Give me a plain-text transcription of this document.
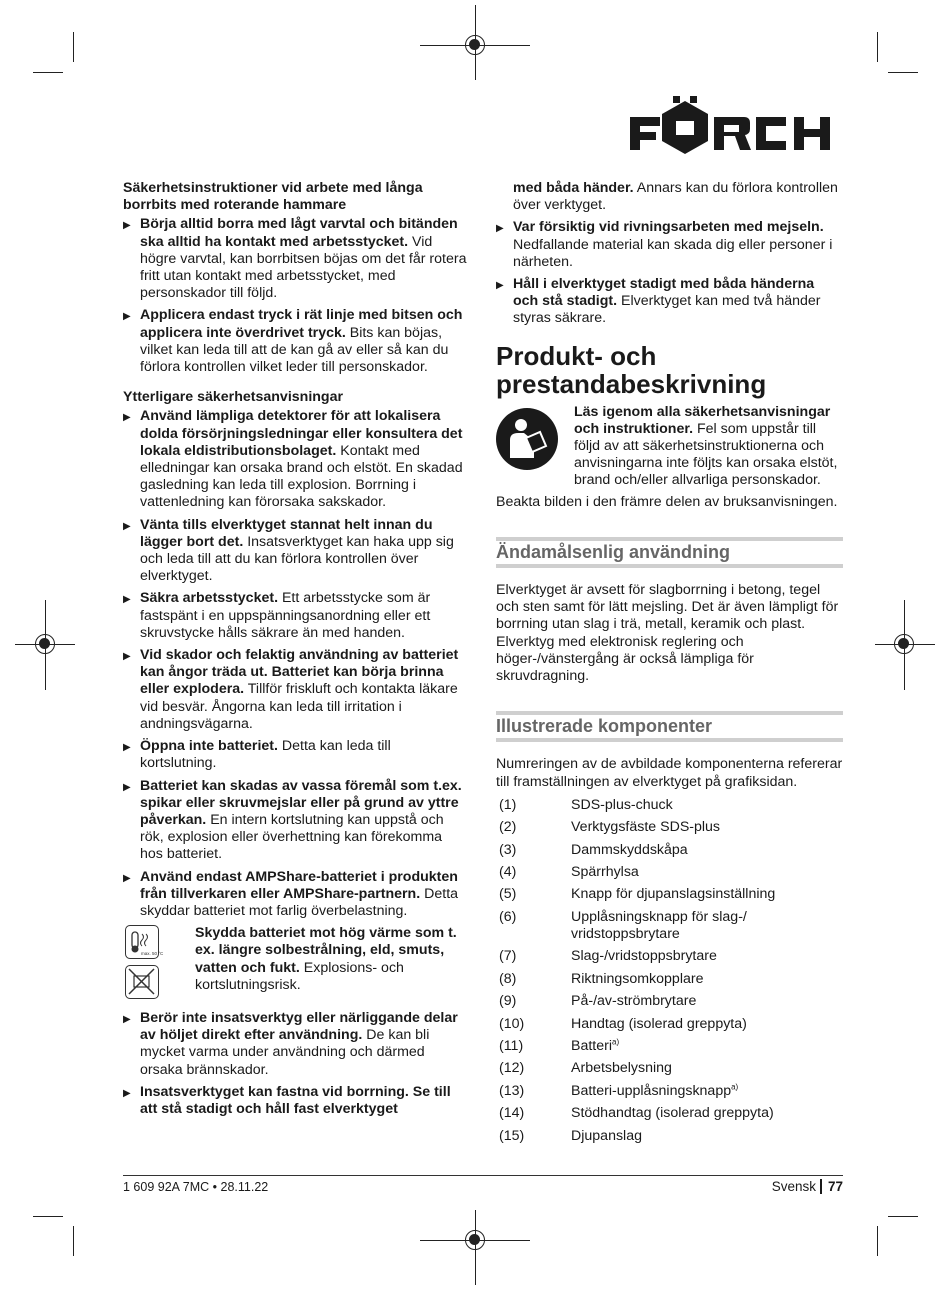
Säkerhetsinstruktioner vid arbete med långa borrbits med roterande hammare
▶ Börja alltid borra med lågt varvtal och bitänden ska alltid ha kontakt med arbetsstycket. Vid högre varvtal, kan borrbitsen böjas om det får rotera fritt utan kontakt med arbetsstycket, med personskador till följd.
▶ Applicera endast tryck i rät linje med bitsen och applicera inte överdrivet tryck. Bits kan böjas, vilket kan leda till att de kan gå av eller så kan du förlora kontrollen vilket leder till personskador.
Ytterligare säkerhetsanvisningar
▶ Använd lämpliga detektorer för att lokalisera dolda försörjningsledningar eller konsultera det lokala eldistributionsbolaget. Kontakt med elledningar kan orsaka brand och elstöt. En skadad gasledning kan leda till explosion. Borrning i vattenledning kan förorsaka sakskador.
▶ Vänta tills elverktyget stannat helt innan du lägger bort det. Insatsverktyget kan haka upp sig och leda till att du kan förlora kontrollen över elverktyget.
▶ Säkra arbetsstycket. Ett arbetsstycke som är fastspänt i en uppspänningsanordning eller ett skruvstycke hålls säkrare än med handen.
▶ Vid skador och felaktig användning av batteriet kan ångor träda ut. Batteriet kan börja brinna eller explodera. Tillför friskluft och kontakta läkare vid besvär. Ångorna kan leda till irritation i andningsvägarna.
▶ Öppna inte batteriet. Detta kan leda till kortslutning.
▶ Batteriet kan skadas av vassa föremål som t.ex. spikar eller skruvmejslar eller på grund av yttre påverkan. En intern kortslutning kan uppstå och rök, explosion eller överhettning kan förekomma hos batteriet.
▶ Använd endast AMPShare-batteriet i produkten från tillverkaren eller AMPShare-partnern. Detta skyddar batteriet mot farlig överbelastning.
max. 50 °C
Skydda batteriet mot hög värme som t. ex. längre solbestrålning, eld, smuts, vatten och fukt. Explosions- och kortslutningsrisk.
▶ Berör inte insatsverktyg eller närliggande delar av höljet direkt efter användning. De kan bli mycket varma under användning och därmed orsaka brännskador.
▶ Insatsverktyget kan fastna vid borrning. Se till att stå stadigt och håll fast elverktyget
med båda händer. Annars kan du förlora kontrollen över verktyget.
▶ Var försiktig vid rivningsarbeten med mejseln. Nedfallande material kan skada dig eller personer i närheten.
▶ Håll i elverktyget stadigt med båda händerna och stå stadigt. Elverktyget kan med två händer styras säkrare.
Produkt- och prestandabeskrivning
Läs igenom alla säkerhetsanvisningar och instruktioner. Fel som uppstår till följd av att säkerhetsinstruktionerna och anvisningarna inte följts kan orsaka elstöt, brand och/eller allvarliga personskador.
Beakta bilden i den främre delen av bruksanvisningen.
Ändamålsenlig användning
Elverktyget är avsett för slagborrning i betong, tegel och sten samt för lätt mejsling. Det är även lämpligt för borrning utan slag i trä, metall, keramik och plast. Elverktyg med elektronisk reglering och höger-/vänstergång är också lämpliga för skruvdragning.
Illustrerade komponenter
Numreringen av de avbildade komponenterna refererar till framställningen av elverktyget på grafiksidan.
(1)	SDS-plus-chuck
(2)	Verktygsfäste SDS-plus
(3)	Dammskyddskåpa
(4)	Spärrhylsa
(5)	Knapp för djupanslagsinställning
(6)	Upplåsningsknapp för slag-/ vridstoppsbrytare
(7)	Slag-/vridstoppsbrytare
(8)	Riktningsomkopplare
(9)	På-/av-strömbrytare
(10)	Handtag (isolerad greppyta)
(11)	Batteri$^{a)}$
(12)	Arbetsbelysning
(13)	Batteri-upplåsningsknapp$^{a)}$
(14)	Stödhandtag (isolerad greppyta)
(15)	Djupanslag
1 609 92A 7MC • 28.11.22	Svensk 77
